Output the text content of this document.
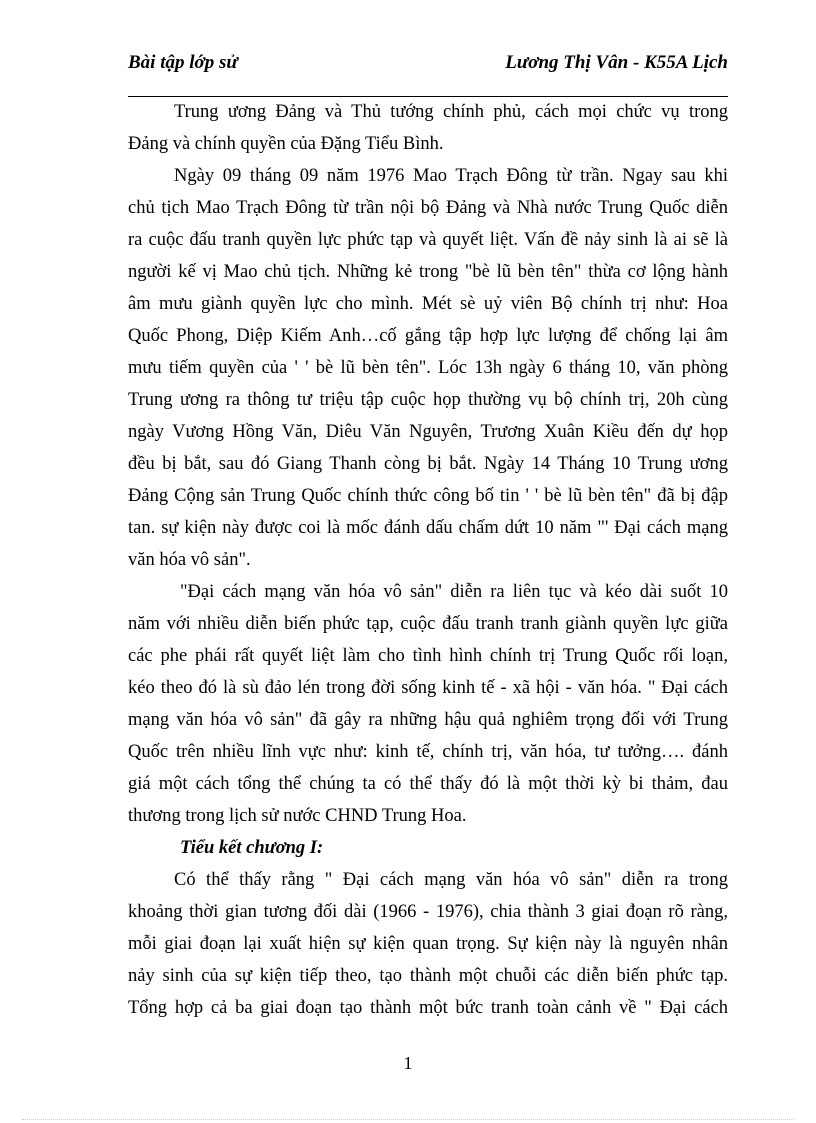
Bài tập lớp sử	Lương Thị Vân - K55A Lịch
Trung ương Đảng và Thủ tướng chính phủ, cách mọi chức vụ trong
Đảng và chính quyền của Đặng Tiểu Bình.
Ngày 09 tháng 09 năm 1976 Mao Trạch Đông từ trần. Ngay sau khi
chủ tịch Mao Trạch Đông từ trần nội bộ Đảng và Nhà nước Trung Quốc diễn
ra cuộc đấu tranh quyền lực phức tạp và quyết liệt. Vấn đề nảy sinh là ai sẽ là
người kế vị Mao chủ tịch. Những kẻ trong "bè lũ bèn tên" thừa cơ lộng hành
âm mưu giành quyền lực cho mình. Mét sè uỷ viên Bộ chính trị như: Hoa
Quốc Phong, Diệp Kiếm Anh…cố gắng tập hợp lực lượng để chống lại âm
mưu tiếm quyền của ' ' bè lũ bèn tên". Lóc 13h ngày 6 tháng 10, văn phòng
Trung ương ra thông tư triệu tập cuộc họp thường vụ bộ chính trị, 20h cùng
ngày Vương Hồng Văn, Diêu Văn Nguyên, Trương Xuân Kiều đến dự họp
đều bị bắt, sau đó Giang Thanh còng bị bắt. Ngày 14 Tháng 10 Trung ương
Đảng Cộng sản Trung Quốc chính thức công bố tin ' ' bè lũ bèn tên" đã bị đập
tan. sự kiện này được coi là mốc đánh dấu chấm dứt 10 năm "' Đại cách mạng
văn hóa vô sản".
"Đại cách mạng văn hóa vô sản" diễn ra liên tục và kéo dài suốt 10
năm với nhiều diễn biến phức tạp, cuộc đấu tranh tranh giành quyền lực giữa
các phe phái rất quyết liệt làm cho tình hình chính trị Trung Quốc rối loạn,
kéo theo đó là sù đảo lén trong đời sống kinh tế - xã hội - văn hóa. " Đại cách
mạng văn hóa vô sản" đã gây ra những hậu quả nghiêm trọng đối với Trung
Quốc trên nhiều lĩnh vực như: kinh tế, chính trị, văn hóa, tư tưởng…. đánh
giá một cách tổng thể chúng ta có thể thấy đó là một thời kỳ bi thảm, đau
thương trong lịch sử nước CHND Trung Hoa.
Tiểu kết chương I:
Có thể thấy rằng " Đại cách mạng văn hóa vô sản" diễn ra trong
khoảng thời gian tương đối dài (1966 - 1976), chia thành 3 giai đoạn rõ ràng,
mỗi giai đoạn lại xuất hiện sự kiện quan trọng. Sự kiện này là nguyên nhân
nảy sinh của sự kiện tiếp theo, tạo thành một chuỗi các diễn biến phức tạp.
Tổng hợp cả ba giai đoạn tạo thành một bức tranh toàn cảnh về " Đại cách
1
